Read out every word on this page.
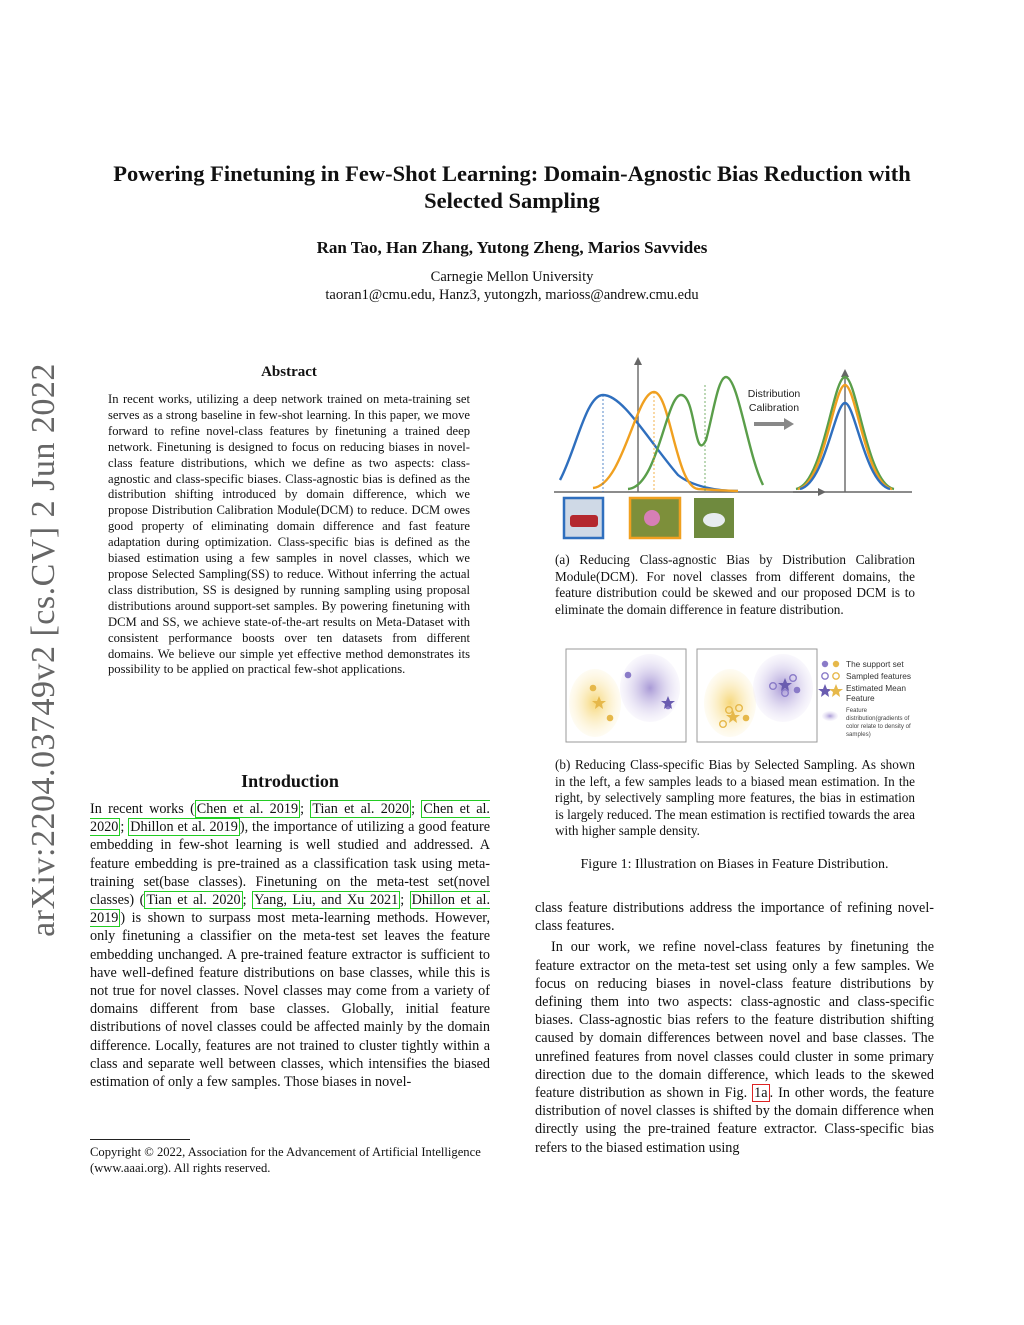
Powering Finetuning in Few-Shot Learning: Domain-Agnostic Bias Reduction with Selected Sampling
Ran Tao, Han Zhang, Yutong Zheng, Marios Savvides
Carnegie Mellon University
taoran1@cmu.edu, Hanz3, yutongzh, marioss@andrew.cmu.edu
arXiv:2204.03749v2 [cs.CV] 2 Jun 2022	Abstract
In recent works, utilizing a deep network trained on meta-training set serves as a strong baseline in few-shot learning. In this paper, we move forward to refine novel-class features by finetuning a trained deep network. Finetuning is designed to focus on reducing biases in novel-class feature distributions, which we define as two aspects: class-agnostic and class-specific biases. Class-agnostic bias is defined as the distribution shifting introduced by domain difference, which we propose Distribution Calibration Module(DCM) to reduce. DCM owes good property of eliminating domain difference and fast feature adaptation during optimization. Class-specific bias is defined as the biased estimation using a few samples in novel classes, which we propose Selected Sampling(SS) to reduce. Without inferring the actual class distribution, SS is designed by running sampling using proposal distributions around support-set samples. By powering finetuning with DCM and SS, we achieve state-of-the-art results on Meta-Dataset with consistent performance boosts over ten datasets from different domains. We believe our simple yet effective method demonstrates its possibility to be applied on practical few-shot applications.
Introduction

In recent works ( Chen et al. 2019 ; Tian et al. 2020 ; Chen et al. 2020 ; Dhillon et al. 2019 ), the importance of utilizing a good feature embedding in few-shot learning is well studied and addressed. A feature embedding is pre-trained as a classification task using meta-training set(base classes). Finetuning on the meta-test set(novel classes) ( Tian et al. 2020 ; Yang, Liu, and Xu 2021 ; Dhillon et al. 2019 ) is shown to surpass most meta-learning methods. However, only finetuning a classifier on the meta-test set leaves the feature embedding unchanged. A pre-trained feature extractor is sufficient to have well-defined feature distributions on base classes, while this is not true for novel classes. Novel classes may come from a variety of domains different from base classes. Globally, initial feature distributions of novel classes could be affected mainly by the domain difference. Locally, features are not trained to cluster tightly within a class and separate well between classes, which intensifies the biased estimation of only a few samples. Those biases in novel-

Copyright © 2022, Association for the Advancement of Artificial Intelligence (www.aaai.org). All rights reserved.
Distribution
Calibration
(a) Reducing Class-agnostic Bias by Distribution Calibration Module(DCM). For novel classes from different domains, the feature distribution could be skewed and our proposed DCM is to eliminate the domain difference in feature distribution.
The support set
Sampled features
Estimated Mean
Feature
Feature
distribution(gradients of
color relate to density of
samples)
(b) Reducing Class-specific Bias by Selected Sampling. As shown in the left, a few samples leads to a biased mean estimation. In the right, by selectively sampling more features, the bias in estimation is largely reduced. The mean estimation is rectified towards the area with higher sample density.
Figure 1: Illustration on Biases in Feature Distribution.

class feature distributions address the importance of refining novel-class features.

In our work, we refine novel-class features by finetuning the feature extractor on the meta-test set using only a few samples. We focus on reducing biases in novel-class feature distributions by defining them into two aspects: class-agnostic and class-specific biases. Class-agnostic bias refers to the feature distribution shifting caused by domain differences between novel and base classes. The unrefined features from novel classes could cluster in some primary direction due to the domain difference, which leads to the skewed feature distribution as shown in Fig. 1a . In other words, the feature distribution of novel classes is shifted by the domain difference when directly using the pre-trained feature extractor. Class-specific bias refers to the biased estimation using
